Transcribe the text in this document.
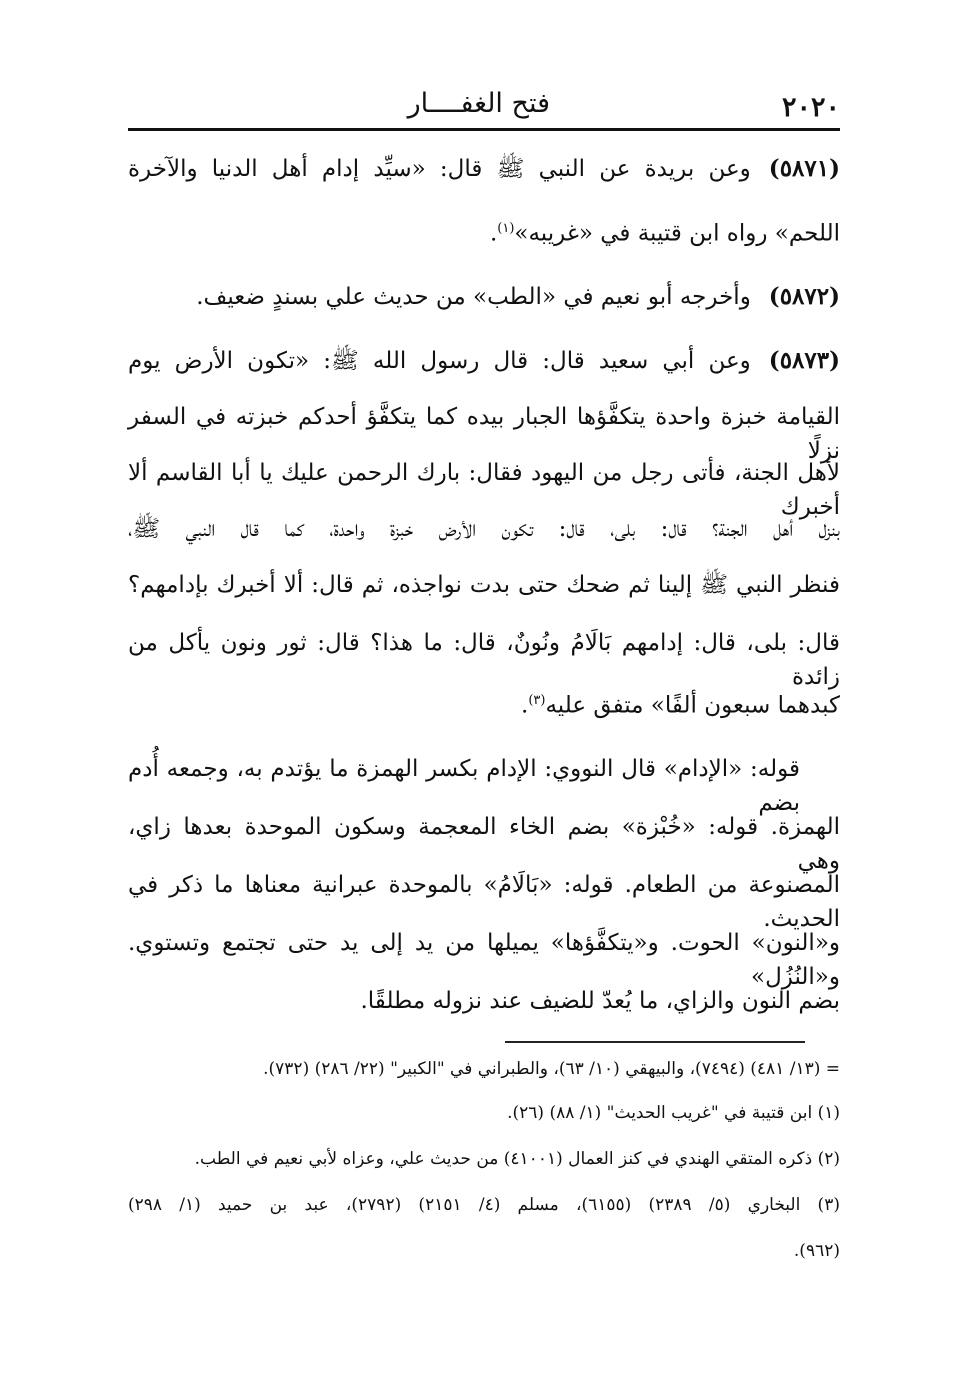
٢٠٢٠
فتح الغفــــار
(٥٨٧١)وعن بريدة عن النبي ﷺ قال: «سيِّد إدام أهل الدنيا والآخرة
اللحم» رواه ابن قتيبة في «غريبه»$^{(١)}$.
(٥٨٧٢)وأخرجه أبو نعيم في «الطب» من حديث علي بسندٍ ضعيف.
(٥٨٧٣)وعن أبي سعيد قال: قال رسول الله ﷺ: «تكون الأرض يوم
القيامة خبزة واحدة يتكفَّؤها الجبار بيده كما يتكفَّؤ أحدكم خبزته في السفر نزلًا
لأهل الجنة، فأتى رجل من اليهود فقال: بارك الرحمن عليك يا أبا القاسم ألا أخبرك
بنزل أهل الجنة؟ قال: بلى، قال: تكون الأرض خبزة واحدة، كما قال النبي ﷺ،
فنظر النبي ﷺ إلينا ثم ضحك حتى بدت نواجذه، ثم قال: ألا أخبرك بإدامهم؟
قال: بلى، قال: إدامهم بَالَامُ ونُونٌ، قال: ما هذا؟ قال: ثور ونون يأكل من زائدة
كبدهما سبعون ألفًا» متفق عليه$^{(٣)}$.
قوله: «الإدام» قال النووي: الإدام بكسر الهمزة ما يؤتدم به، وجمعه أُدم بضم
الهمزة. قوله: «خُبْزة» بضم الخاء المعجمة وسكون الموحدة بعدها زاي، وهي
المصنوعة من الطعام. قوله: «بَالَامُ» بالموحدة عبرانية معناها ما ذكر في الحديث.
و«النون» الحوت. و«يتكفَّؤها» يميلها من يد إلى يد حتى تجتمع وتستوي. و«النُزُل»
بضم النون والزاي، ما يُعدّ للضيف عند نزوله مطلقًا.
= (١٣/ ٤٨١) (٧٤٩٤)، والبيهقي (١٠/ ٦٣)، والطبراني في "الكبير" (٢٢/ ٢٨٦) (٧٣٢).
(١) ابن قتيبة في "غريب الحديث" (١/ ٨٨) (٢٦).
(٢) ذكره المتقي الهندي في كنز العمال (٤١٠٠١) من حديث علي، وعزاه لأبي نعيم في الطب.
(٣) البخاري (٥/ ٢٣٨٩) (٦١٥٥)، مسلم (٤/ ٢١٥١) (٢٧٩٢)، عبد بن حميد (١/ ٢٩٨)
(٩٦٢).
